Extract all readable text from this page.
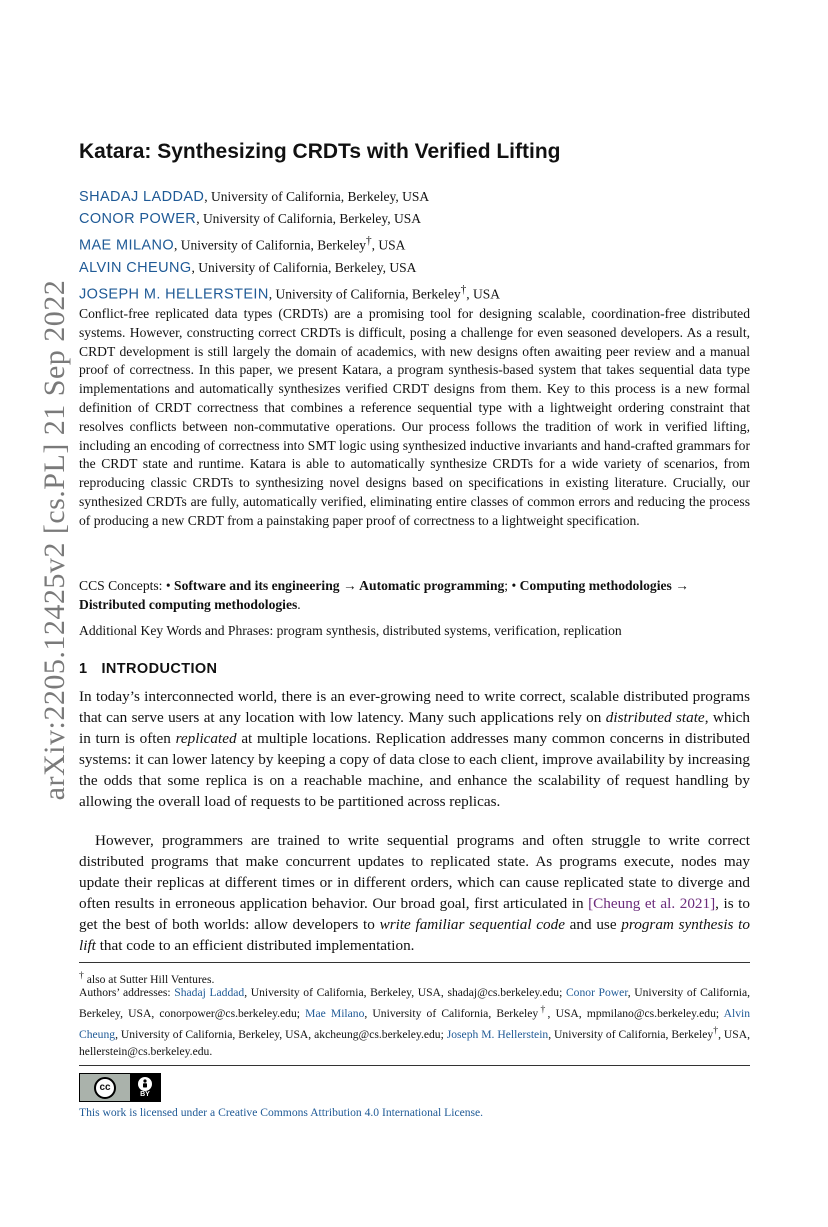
arXiv:2205.12425v2 [cs.PL] 21 Sep 2022
Katara: Synthesizing CRDTs with Verified Lifting
SHADAJ LADDAD, University of California, Berkeley, USA
CONOR POWER, University of California, Berkeley, USA
MAE MILANO, University of California, Berkeley†, USA
ALVIN CHEUNG, University of California, Berkeley, USA
JOSEPH M. HELLERSTEIN, University of California, Berkeley†, USA

Conflict-free replicated data types (CRDTs) are a promising tool for designing scalable, coordination-free distributed systems. However, constructing correct CRDTs is difficult, posing a challenge for even seasoned developers. As a result, CRDT development is still largely the domain of academics, with new designs often awaiting peer review and a manual proof of correctness. In this paper, we present Katara, a program synthesis-based system that takes sequential data type implementations and automatically synthesizes verified CRDT designs from them. Key to this process is a new formal definition of CRDT correctness that combines a reference sequential type with a lightweight ordering constraint that resolves conflicts between non-commutative operations. Our process follows the tradition of work in verified lifting, including an encoding of correctness into SMT logic using synthesized inductive invariants and hand-crafted grammars for the CRDT state and runtime. Katara is able to automatically synthesize CRDTs for a wide variety of scenarios, from reproducing classic CRDTs to synthesizing novel designs based on specifications in existing literature. Crucially, our synthesized CRDTs are fully, automatically verified, eliminating entire classes of common errors and reducing the process of producing a new CRDT from a painstaking paper proof of correctness to a lightweight specification.

CCS Concepts: • Software and its engineering → Automatic programming; • Computing methodologies → Distributed computing methodologies.

Additional Key Words and Phrases: program synthesis, distributed systems, verification, replication

1 INTRODUCTION

In today’s interconnected world, there is an ever-growing need to write correct, scalable distributed programs that can serve users at any location with low latency. Many such applications rely on distributed state, which in turn is often replicated at multiple locations. Replication addresses many common concerns in distributed systems: it can lower latency by keeping a copy of data close to each client, improve availability by increasing the odds that some replica is on a reachable machine, and enhance the scalability of request handling by allowing the overall load of requests to be partitioned across replicas.

However, programmers are trained to write sequential programs and often struggle to write correct distributed programs that make concurrent updates to replicated state. As programs execute, nodes may update their replicas at different times or in different orders, which can cause replicated state to diverge and often results in erroneous application behavior. Our broad goal, first articulated in [Cheung et al. 2021], is to get the best of both worlds: allow developers to write familiar sequential code and use program synthesis to lift that code to an efficient distributed implementation.

† also at Sutter Hill Ventures.

Authors’ addresses: Shadaj Laddad, University of California, Berkeley, USA, shadaj@cs.berkeley.edu; Conor Power, University of California, Berkeley, USA, conorpower@cs.berkeley.edu; Mae Milano, University of California, Berkeley†, USA, mpmilano@cs.berkeley.edu; Alvin Cheung, University of California, Berkeley, USA, akcheung@cs.berkeley.edu; Joseph M. Hellerstein, University of California, Berkeley†, USA, hellerstein@cs.berkeley.edu.

cc
BY
This work is licensed under a Creative Commons Attribution 4.0 International License.
